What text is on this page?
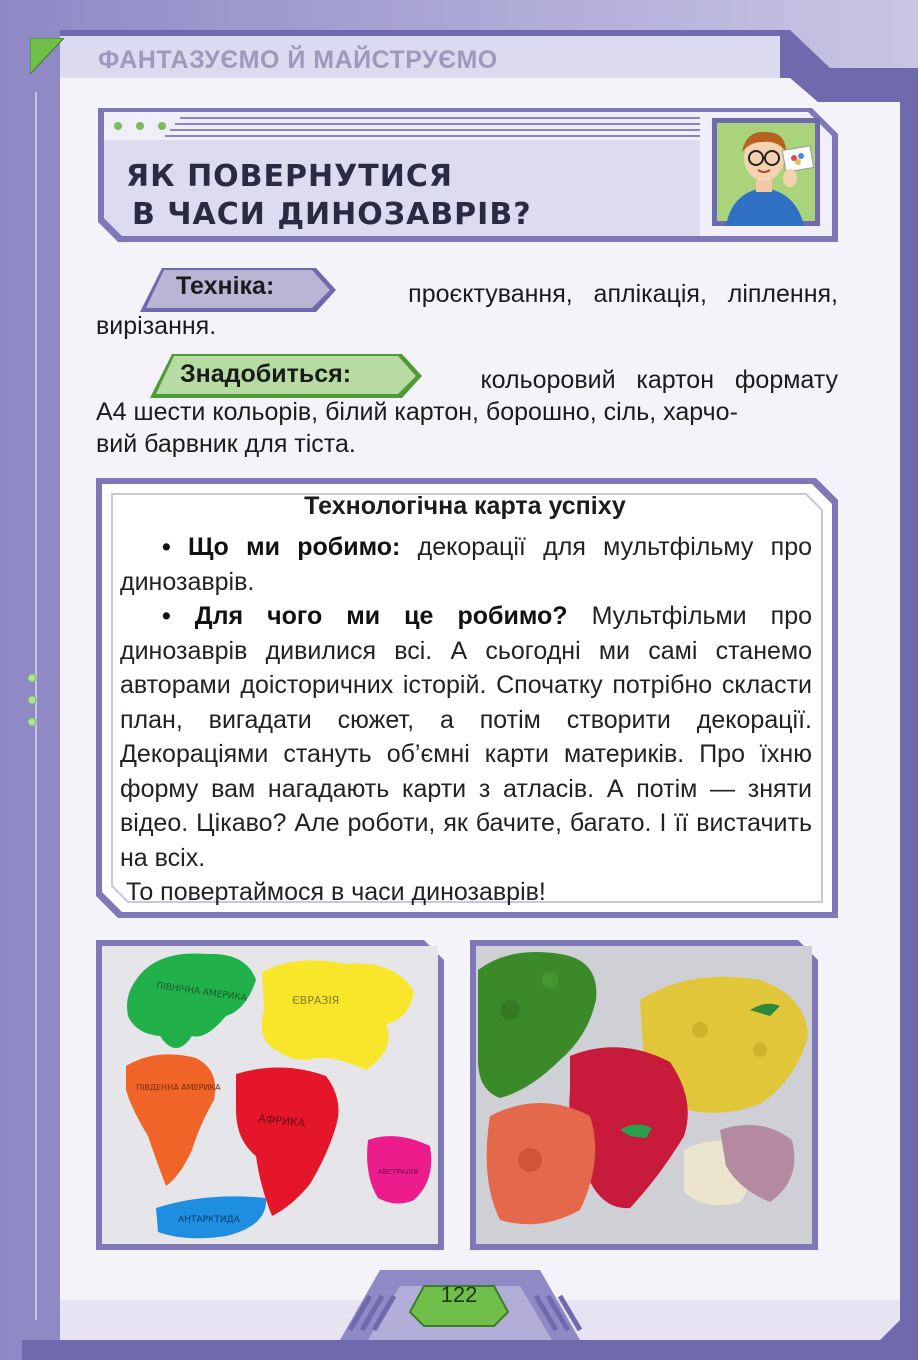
ФАНТАЗУЄМО Й МАЙСТРУЄМО
ЯК ПОВЕРНУТИСЯ
В ЧАСИ ДИНОЗАВРІВ?
Техніка:	проєктування,   аплікація,   ліплення,
вирізання.
Знадобиться:	кольоровий   картон   формату
А4 шести кольорів, білий картон, борошно, сіль, харчо-
вий барвник для тіста.
Технологічна карта успіху

• Що ми робимо: декорації для мультфільму про динозаврів.

• Для чого ми це робимо? Мультфільми про динозаврів дивилися всі. А сьогодні ми самі станемо авторами доісторичних історій. Спочатку потрібно скласти план, вигадати сюжет, а потім створити декорації. Декораціями стануть об’ємні карти материків. Про їхню форму вам нагадають карти з атласів. А потім — зняти відео. Цікаво? Але роботи, як бачите, багато. І її вистачить на всіх.

То повертаймося в часи динозаврів!

ПІВНІЧНА АМЕРИКА	ЄВРАЗІЯ
ПІВДЕННА АМЕРИКА
АФРИКА
АВСТРАЛІЯ
АНТАРКТИДА
122
